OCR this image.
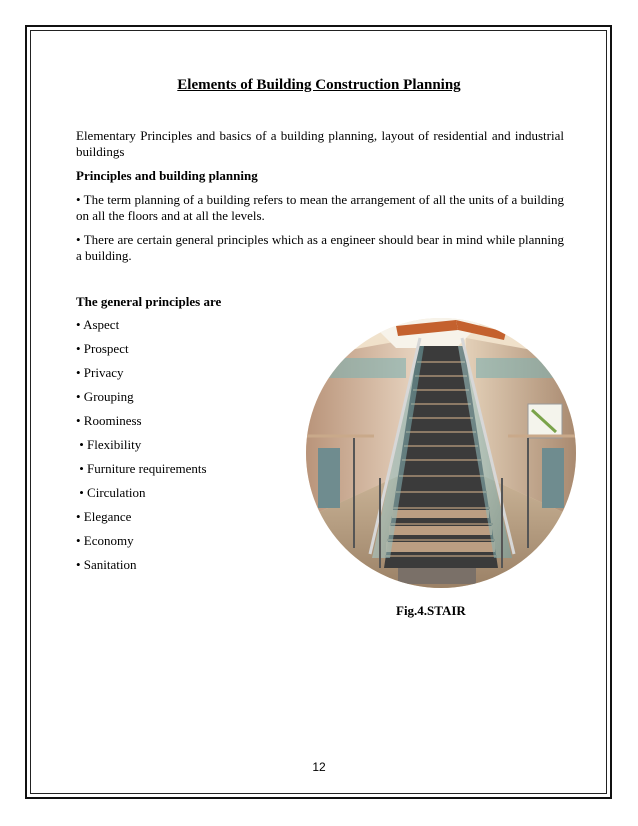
Elements of Building Construction Planning
Elementary Principles and basics of a building planning, layout of residential and industrial buildings
Principles and building planning
• The term planning of a building refers to mean the arrangement of all the units of a building on all the floors and at all the levels.
• There are certain general principles which as a engineer should bear in mind while planning a building.
The general principles are
• Aspect
• Prospect
• Privacy
• Grouping
• Roominess
• Flexibility
• Furniture requirements
• Circulation
• Elegance
• Economy
• Sanitation
Fig.4.STAIR
12
